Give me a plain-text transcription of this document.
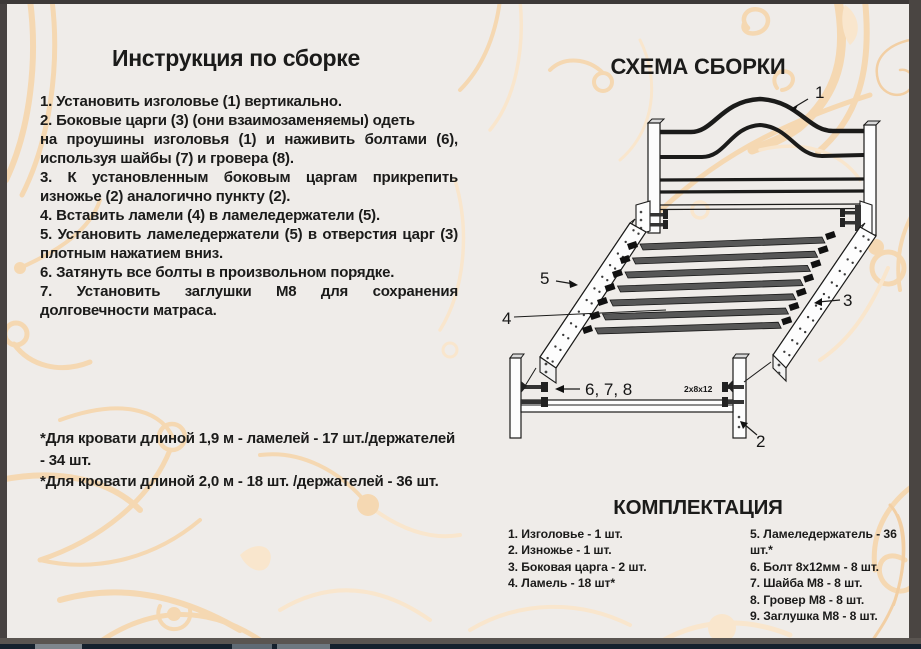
Инструкция по сборке
1. Установить изголовье (1) вертикально.
2. Боковые царги (3) (они взаимозаменяемы) одеть
на проушины изголовья (1) и наживить болтами (6),
используя шайбы (7) и гровера (8).
3. К установленным боковым царгам прикрепить
изножье (2) аналогично пункту (2).
4. Вставить ламели (4) в ламеледержатели (5).
5. Установить ламеледержатели (5) в отверстия царг (3)
плотным нажатием вниз.
6. Затянуть все болты в произвольном порядке.
7. Установить заглушки М8 для сохранения
долговечности матраса.
*Для кровати длиной 1,9 м - ламелей - 17 шт./держателей
- 34 шт.
*Для кровати длиной 2,0 м - 18 шт. /держателей - 36 шт.
СХЕМА СБОРКИ
1
5
4
3
6, 7, 8	2x8x12
2
КОМПЛЕКТАЦИЯ
1. Изголовье - 1 шт.
2. Изножье - 1 шт.
3. Боковая царга - 2 шт.
4. Ламель - 18 шт*
5. Ламеледержатель - 36 шт.*
6. Болт 8х12мм - 8 шт.
7. Шайба М8 - 8 шт.
8. Гровер М8 - 8 шт.
9. Заглушка М8 - 8 шт.
